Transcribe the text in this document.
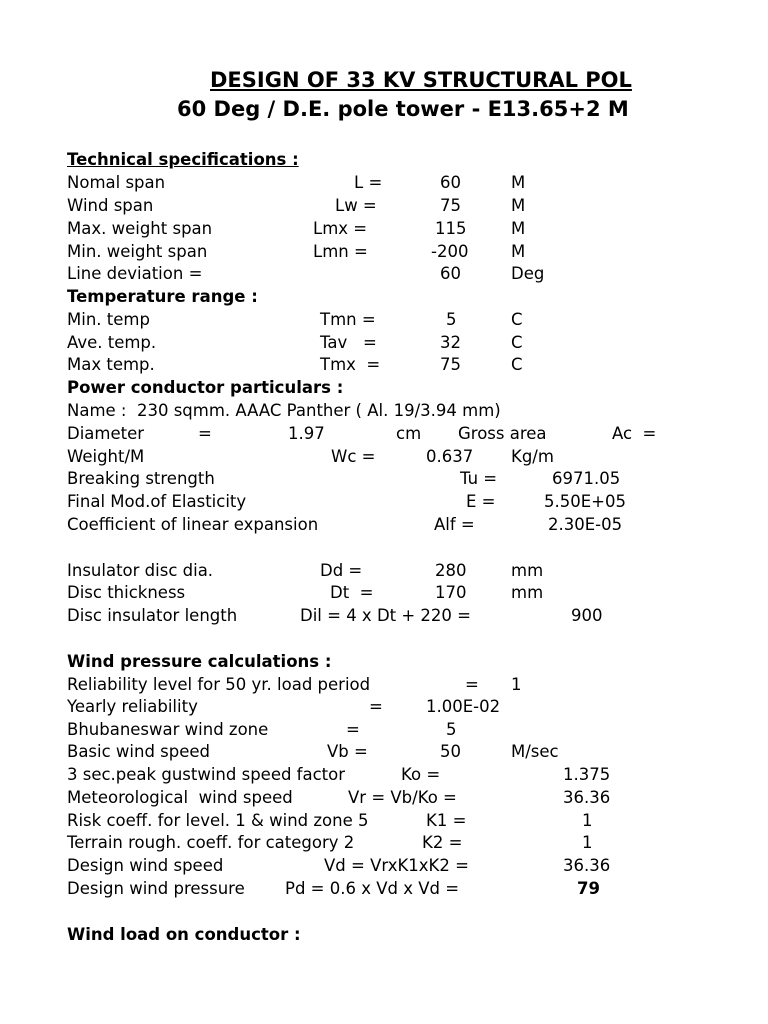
DESIGN OF 33 KV STRUCTURAL POL
60 Deg / D.E. pole tower - E13.65+2 M
Technical specifications :
Nomal span	L =	60	M
Wind span	Lw =	75	M
Max. weight span	Lmx =	115	M
Min. weight span	Lmn =	-200	M
Line deviation =	60	Deg
Temperature range :
Min. temp	Tmn =	5	C
Ave. temp.	Tav   =	32	C
Max temp.	Tmx  =	75	C
Power conductor particulars :
Name :  230 sqmm. AAAC Panther ( Al. 19/3.94 mm)
Diameter	=	1.97	cm Gross area	Ac  =
Weight/M	Wc =	0.637 Kg/m
Breaking strength	Tu =	6971.05
Final Mod.of Elasticity	E =	5.50E+05
Coefficient of linear expansion	Alf =	2.30E-05
Insulator disc dia.	Dd =	280	mm
Disc thickness	Dt  =	170	mm
Disc insulator length	Dil = 4 x Dt + 220 =	900
Wind pressure calculations :
Reliability level for 50 yr. load period	= 1
Yearly reliability	=	1.00E-02
Bhubaneswar wind zone	=	5
Basic wind speed	Vb =	50	M/sec
3 sec.peak gustwind speed factor	Ko =	1.375
Meteorological  wind speed	Vr = Vb/Ko =	36.36
Risk coeff. for level. 1 & wind zone 5	K1 =	1
Terrain rough. coeff. for category 2	K2 =	1
Design wind speed	Vd = VrxK1xK2 =	36.36
Design wind pressure Pd = 0.6 x Vd x Vd =	79
Wind load on conductor :
